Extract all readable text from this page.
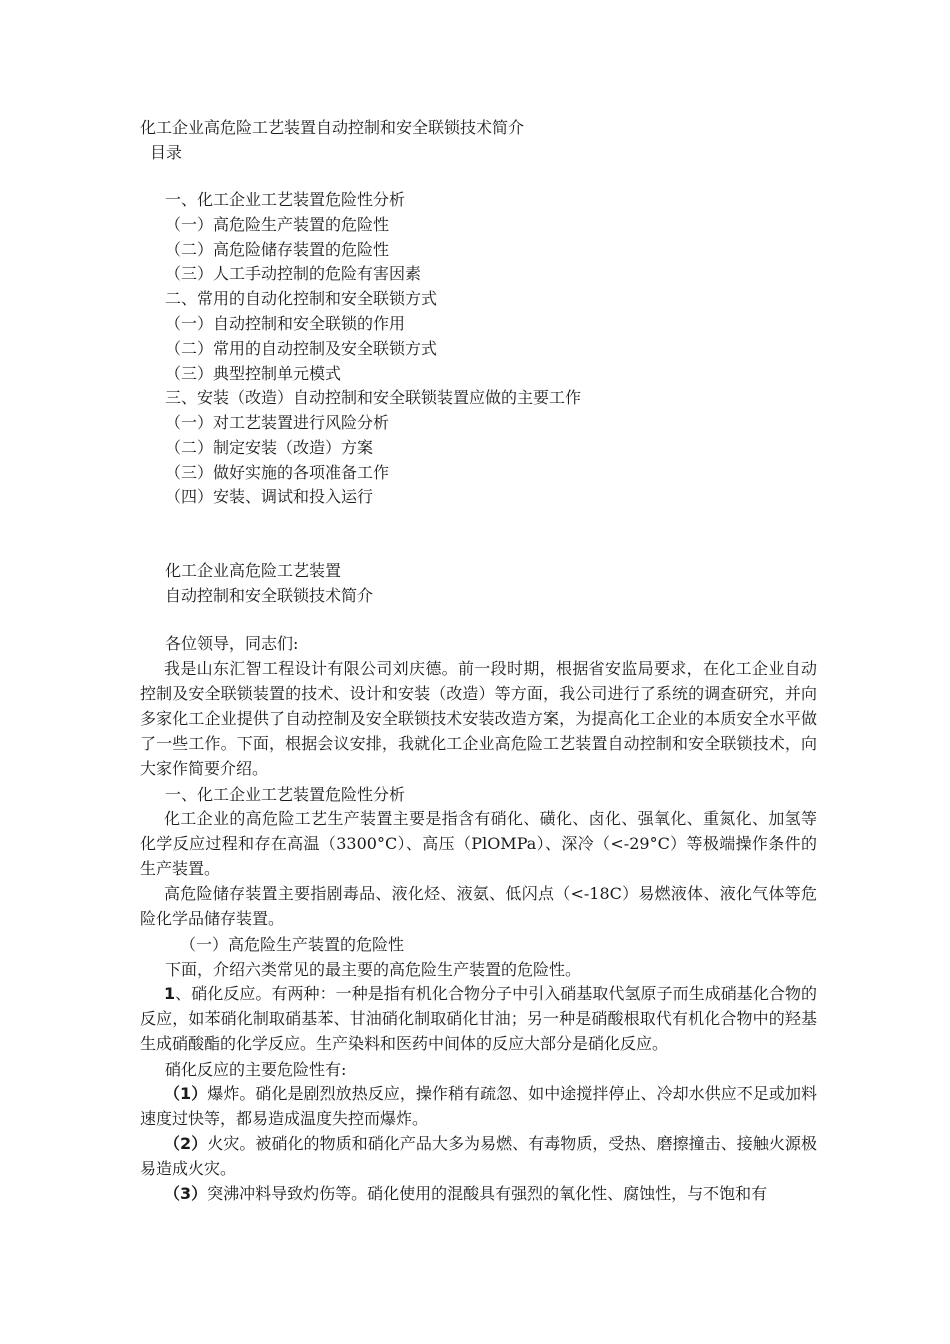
化工企业高危险工艺装置自动控制和安全联锁技术简介
目录
一、化工企业工艺装置危险性分析
（一）高危险生产装置的危险性
（二）高危险储存装置的危险性
（三）人工手动控制的危险有害因素
二、常用的自动化控制和安全联锁方式
（一）自动控制和安全联锁的作用
（二）常用的自动控制及安全联锁方式
（三）典型控制单元模式
三、安装（改造）自动控制和安全联锁装置应做的主要工作
（一）对工艺装置进行风险分析
（二）制定安装（改造）方案
（三）做好实施的各项准备工作
（四）安装、调试和投入运行
化工企业高危险工艺装置
自动控制和安全联锁技术简介
各位领导，同志们:
我是山东汇智工程设计有限公司刘庆德。前一段时期，根据省安监局要求，在化工企业自动控制及安全联锁装置的技术、设计和安装（改造）等方面，我公司进行了系统的调查研究，并向多家化工企业提供了自动控制及安全联锁技术安装改造方案，为提高化工企业的本质安全水平做了一些工作。下面，根据会议安排，我就化工企业高危险工艺装置自动控制和安全联锁技术，向大家作简要介绍。
一、化工企业工艺装置危险性分析
化工企业的高危险工艺生产装置主要是指含有硝化、磺化、卤化、强氧化、重氮化、加氢等化学反应过程和存在高温（3300°C）、高压（PlOMPa）、深冷（<-29°C）等极端操作条件的生产装置。
高危险储存装置主要指剧毒品、液化烃、液氨、低闪点（<-18C）易燃液体、液化气体等危险化学品储存装置。
（一）高危险生产装置的危险性
下面，介绍六类常见的最主要的高危险生产装置的危险性。
1、硝化反应。有两种：一种是指有机化合物分子中引入硝基取代氢原子而生成硝基化合物的反应，如苯硝化制取硝基苯、甘油硝化制取硝化甘油；另一种是硝酸根取代有机化合物中的羟基生成硝酸酯的化学反应。生产染料和医药中间体的反应大部分是硝化反应。
硝化反应的主要危险性有:
（1）爆炸。硝化是剧烈放热反应，操作稍有疏忽、如中途搅拌停止、冷却水供应不足或加料速度过快等，都易造成温度失控而爆炸。
（2）火灾。被硝化的物质和硝化产品大多为易燃、有毒物质，受热、磨擦撞击、接触火源极易造成火灾。
（3）突沸冲料导致灼伤等。硝化使用的混酸具有强烈的氧化性、腐蚀性，与不饱和有
